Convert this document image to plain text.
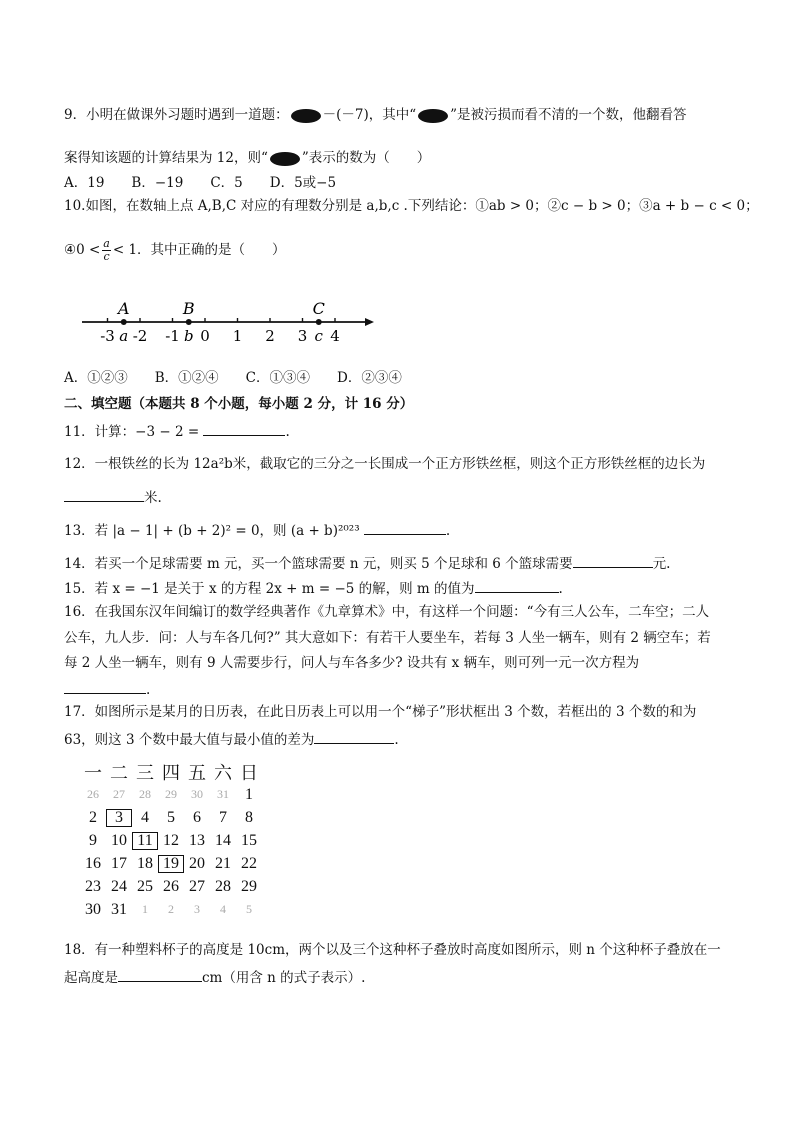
9．小明在做课外习题时遇到一道题：	－(－7)，其中“	”是被污损而看不清的一个数，他翻看答
案得知该题的计算结果为 12，则“	”表示的数为（　　）
A．19　　B．−19　　C．5　　D．5或−5
10.如图，在数轴上点 A,B,C 对应的有理数分别是 a,b,c .下列结论：①ab > 0；②c − b > 0；③a + b − c < 0；
④0 < $\frac{a}{c} < 1$．其中正确的是（　　）
-3 -2 -1 0 1 2 3 4
A
a
B
b
C
c
A．①②③　　B．①②④　　C．①③④　　D．②③④
二、填空题（本题共 8 个小题，每小题 2 分，计 16 分）
11．计算：−3 − 2 =	.
12．一根铁丝的长为 12a²b米，截取它的三分之一长围成一个正方形铁丝框，则这个正方形铁丝框的边长为
米.
13．若 |a − 1| + (b + 2)² = 0，则 (a + b)²⁰²³	.
14．若买一个足球需要 m 元，买一个篮球需要 n 元，则买 5 个足球和 6 个篮球需要	元.
15．若 x = −1 是关于 x 的方程 2x + m = −5 的解，则 m 的值为	.
16．在我国东汉年间编订的数学经典著作《九章算术》中，有这样一个问题：“今有三人公车，二车空；二人
公车，九人步．问：人与车各几何?” 其大意如下：有若干人要坐车，若每 3 人坐一辆车，则有 2 辆空车；若
每 2 人坐一辆车，则有 9 人需要步行，问人与车各多少? 设共有 x 辆车，则可列一元一次方程为
.
17．如图所示是某月的日历表，在此日历表上可以用一个“梯子”形状框出 3 个数，若框出的 3 个数的和为
63，则这 3 个数中最大值与最小值的差为	.
一 二 三 四 五 六 日
26	27	28	29	30	31	1
2	3	4	5	6	7	8
9 10 11 12 13 14 15
16 17 18 19 20 21 22
23 24 25 26 27 28 29
30 31	1	2	3	4	5
18．有一种塑料杯子的高度是 10cm，两个以及三个这种杯子叠放时高度如图所示，则 n 个这种杯子叠放在一
起高度是	cm（用含 n 的式子表示）.
